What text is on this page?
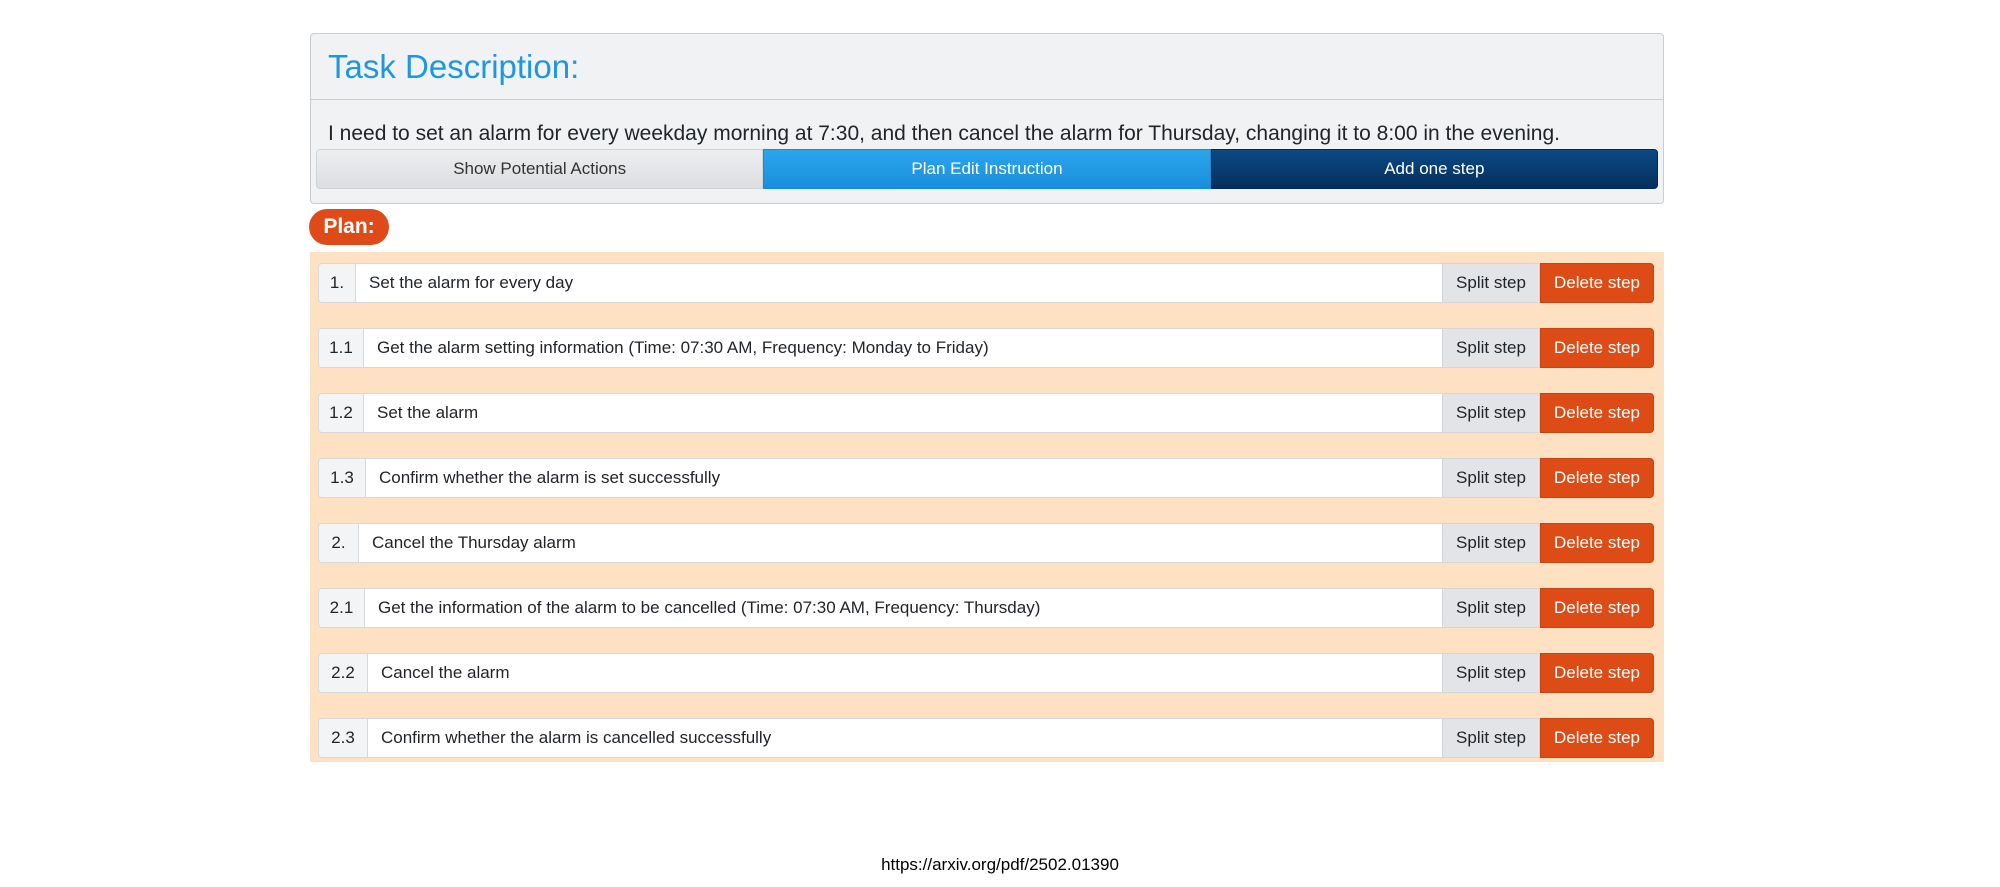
Task Description:
I need to set an alarm for every weekday morning at 7:30, and then cancel the alarm for Thursday, changing it to 8:00 in the evening.
Show Potential Actions	Plan Edit Instruction	Add one step
Plan:
1.	Set the alarm for every day	Split step	Delete step
1.1	Get the alarm setting information (Time: 07:30 AM, Frequency: Monday to Friday)	Split step	Delete step
1.2	Set the alarm	Split step	Delete step
1.3	Confirm whether the alarm is set successfully	Split step	Delete step
2.	Cancel the Thursday alarm	Split step	Delete step
2.1	Get the information of the alarm to be cancelled (Time: 07:30 AM, Frequency: Thursday)	Split step	Delete step
2.2	Cancel the alarm	Split step	Delete step
2.3	Confirm whether the alarm is cancelled successfully	Split step	Delete step
https://arxiv.org/pdf/2502.01390
